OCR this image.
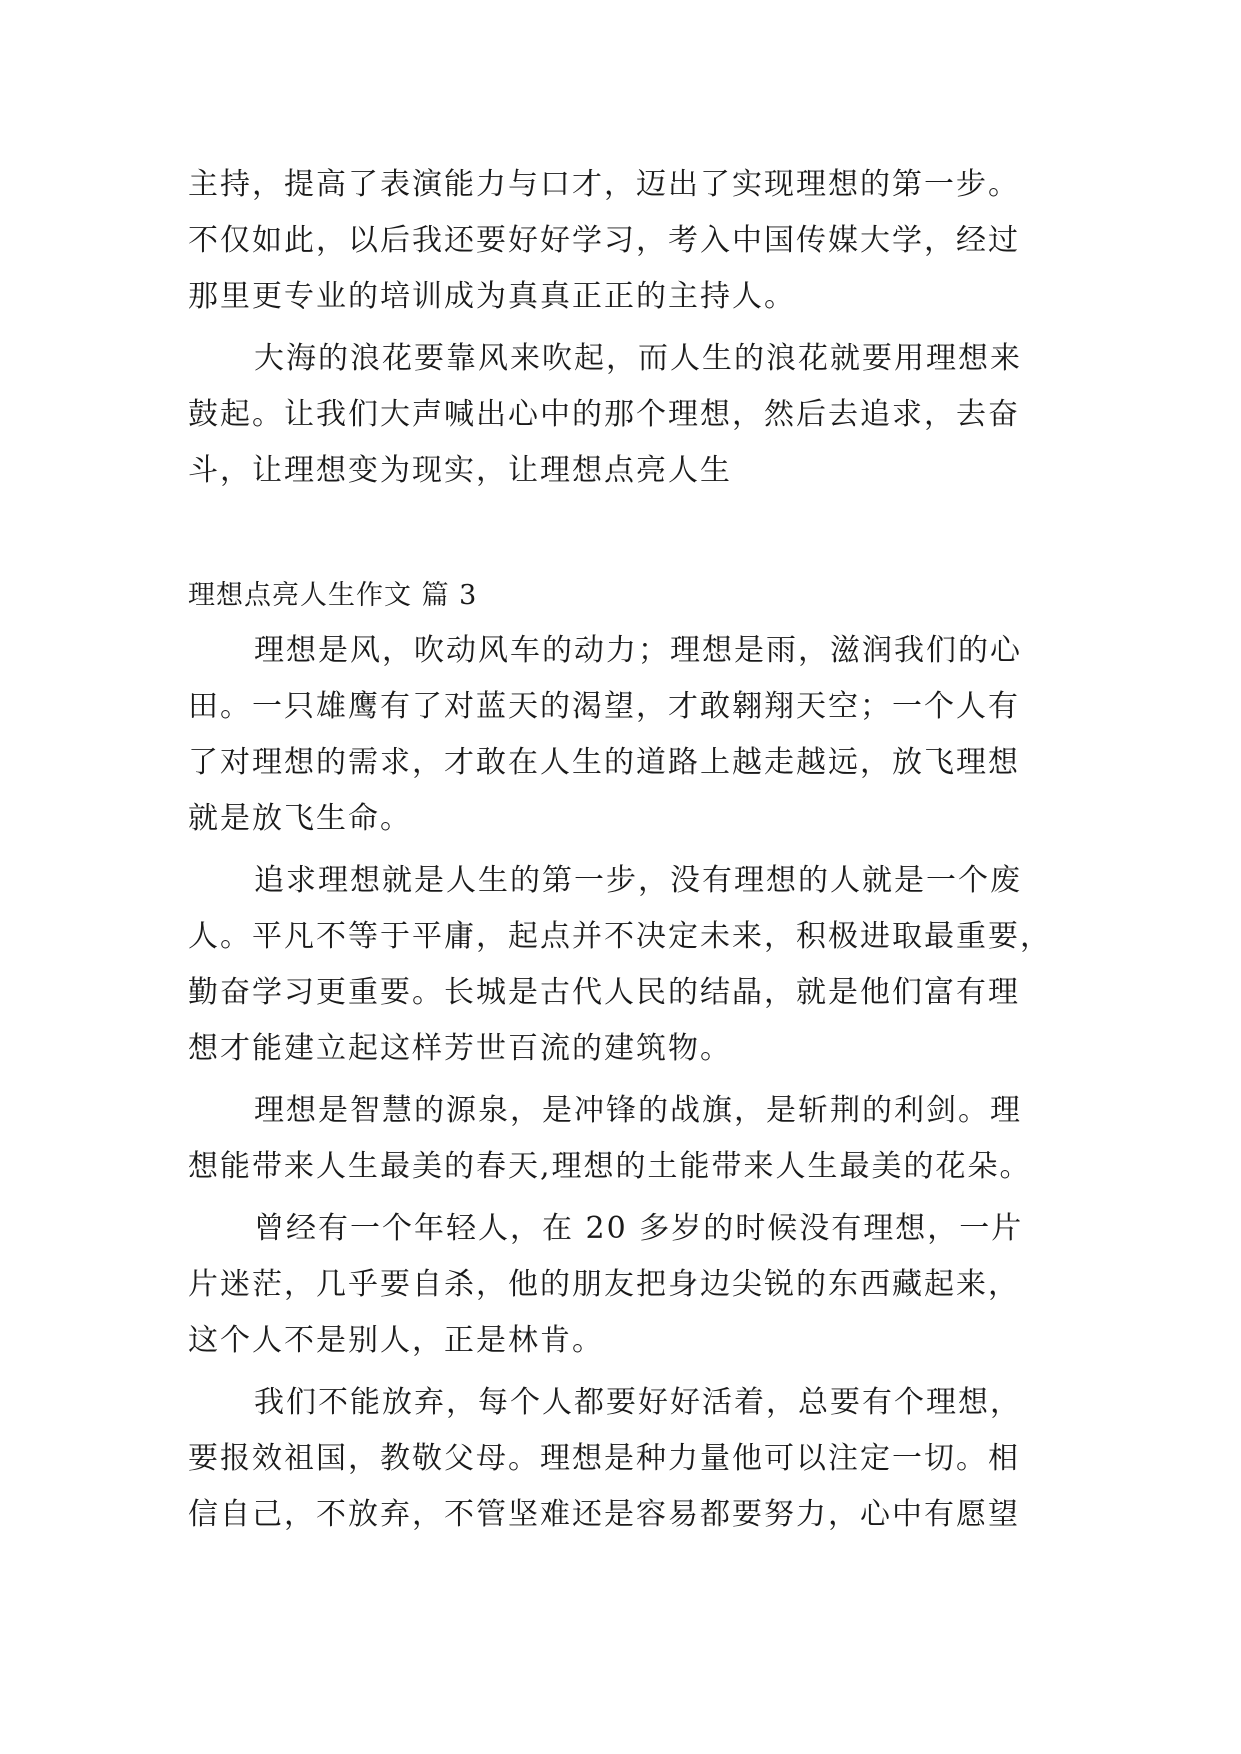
主持，提高了表演能力与口才，迈出了实现理想的第一步。
不仅如此，以后我还要好好学习，考入中国传媒大学，经过
那里更专业的培训成为真真正正的主持人。
大海的浪花要靠风来吹起，而人生的浪花就要用理想来
鼓起。让我们大声喊出心中的那个理想，然后去追求，去奋
斗，让理想变为现实，让理想点亮人生
理想点亮人生作文 篇 3
理想是风，吹动风车的动力；理想是雨，滋润我们的心
田。一只雄鹰有了对蓝天的渴望，才敢翱翔天空；一个人有
了对理想的需求，才敢在人生的道路上越走越远，放飞理想
就是放飞生命。
追求理想就是人生的第一步，没有理想的人就是一个废
人。平凡不等于平庸，起点并不决定未来，积极进取最重要，
勤奋学习更重要。长城是古代人民的结晶，就是他们富有理
想才能建立起这样芳世百流的建筑物。
理想是智慧的源泉，是冲锋的战旗，是斩荆的利剑。理
想能带来人生最美的春天,理想的土能带来人生最美的花朵。
曾经有一个年轻人，在 20 多岁的时候没有理想，一片
片迷茫，几乎要自杀，他的朋友把身边尖锐的东西藏起来，
这个人不是别人，正是林肯。
我们不能放弃，每个人都要好好活着，总要有个理想，
要报效祖国，教敬父母。理想是种力量他可以注定一切。相
信自己，不放弃，不管坚难还是容易都要努力，心中有愿望
